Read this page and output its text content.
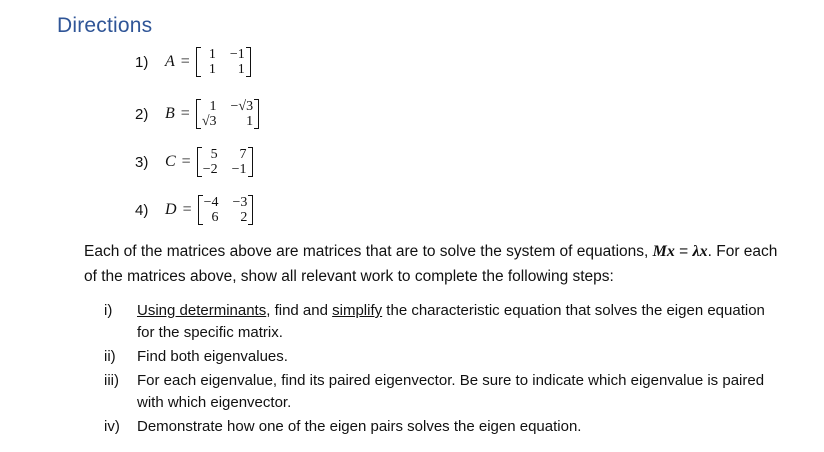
Directions
1)	A =	1 −1
1	1
2)	B =	1 −√3
√3	1
3)	C =	5	7
−2 −1
4)	D = −4 −3
6	2
Each of the matrices above are matrices that are to solve the system of equations, Mx = λx. For each of the matrices above, show all relevant work to complete the following steps:
i)	Using determinants, find and simplify the characteristic equation that solves the eigen equation for the specific matrix.
ii)	Find both eigenvalues.
iii)	For each eigenvalue, find its paired eigenvector. Be sure to indicate which eigenvalue is paired with which eigenvector.
iv)	Demonstrate how one of the eigen pairs solves the eigen equation.
